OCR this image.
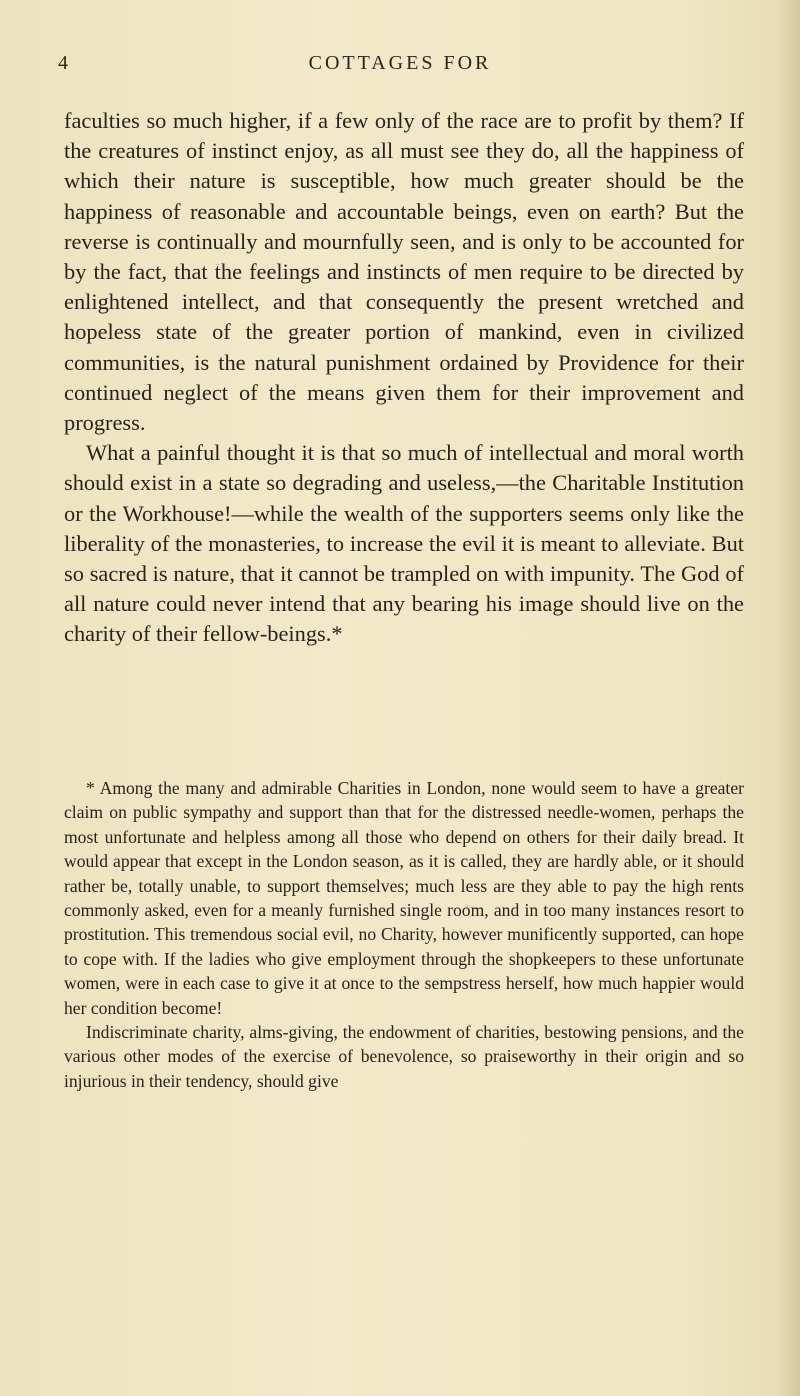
4	COTTAGES FOR

faculties so much higher, if a few only of the race are to profit by them? If the creatures of instinct enjoy, as all must see they do, all the happiness of which their nature is susceptible, how much greater should be the happiness of reasonable and accountable beings, even on earth? But the reverse is continually and mournfully seen, and is only to be accounted for by the fact, that the feelings and instincts of men require to be directed by enlightened intellect, and that consequently the present wretched and hopeless state of the greater portion of mankind, even in civilized communities, is the natural punishment ordained by Providence for their continued neglect of the means given them for their improvement and progress.

What a painful thought it is that so much of intellectual and moral worth should exist in a state so degrading and useless,—the Charitable Institution or the Workhouse!—while the wealth of the supporters seems only like the liberality of the monasteries, to increase the evil it is meant to alleviate. But so sacred is nature, that it cannot be trampled on with impunity. The God of all nature could never intend that any bearing his image should live on the charity of their fellow-beings.*

* Among the many and admirable Charities in London, none would seem to have a greater claim on public sympathy and support than that for the distressed needle-women, perhaps the most unfortunate and helpless among all those who depend on others for their daily bread. It would appear that except in the London season, as it is called, they are hardly able, or it should rather be, totally unable, to support themselves; much less are they able to pay the high rents commonly asked, even for a meanly furnished single room, and in too many instances resort to prostitution. This tremendous social evil, no Charity, however munificently supported, can hope to cope with. If the ladies who give employment through the shopkeepers to these unfortunate women, were in each case to give it at once to the sempstress herself, how much happier would her condition become!

Indiscriminate charity, alms-giving, the endowment of charities, bestowing pensions, and the various other modes of the exercise of benevolence, so praiseworthy in their origin and so injurious in their tendency, should give
